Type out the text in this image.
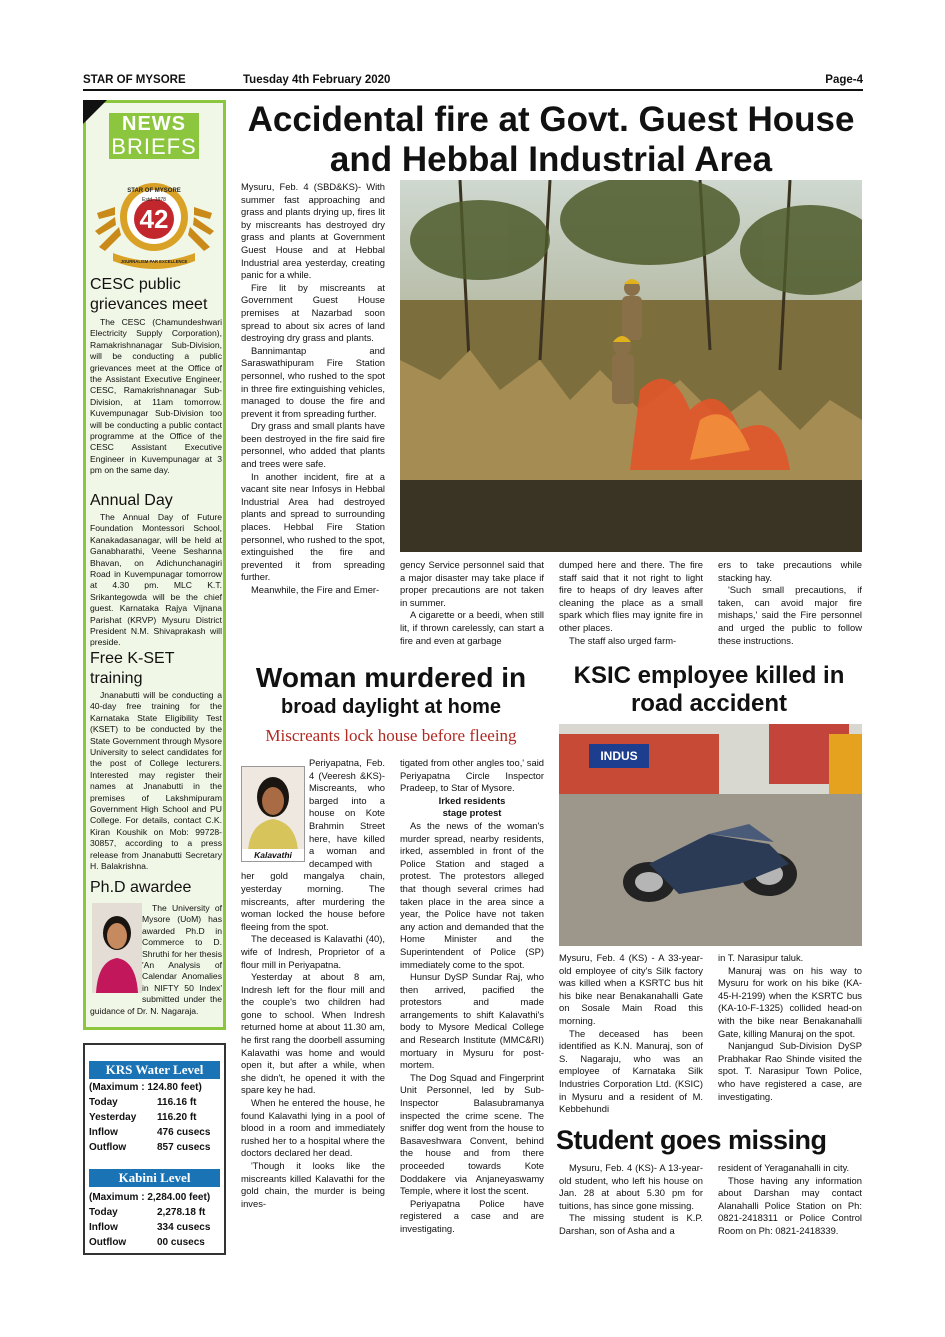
STAR OF MYSORE	Tuesday 4th February 2020	Page-4
NEWS
BRIEFS
42
STAR OF MYSORE
Estd. 1978
JOURNALISM PAR EXCELLENCE
CESC public grievances meet
The CESC (Chamundeshwari Electricity Supply Corporation), Ramakrishnanagar Sub-Division, will be conducting a public grievances meet at the Office of the Assistant Executive Engineer, CESC, Ramakrishnanagar Sub-Division, at 11am tomorrow. Kuvempunagar Sub-Division too will be conducting a public contact programme at the Office of the CESC Assistant Executive Engineer in Kuvempunagar at 3 pm on the same day.
Annual Day
The Annual Day of Future Foundation Montessori School, Kanakadasanagar, will be held at Ganabharathi, Veene Seshanna Bhavan, on Adichunchanagiri Road in Kuvempunagar tomorrow at 4.30 pm. MLC K.T. Srikantegowda will be the chief guest. Karnataka Rajya Vijnana Parishat (KRVP) Mysuru District President N.M. Shivaprakash will preside.
Free K-SET training
Jnanabutti will be conducting a 40-day free training for the Karnataka State Eligibility Test (KSET) to be conducted by the State Government through Mysore University to select candidates for the post of College lecturers. Interested may register their names at Jnanabutti in the premises of Lakshmipuram Government High School and PU College. For details, contact C.K. Kiran Koushik on Mob: 99728-30857, according to a press release from Jnanabutti Secretary H. Balakrishna.
Ph.D awardee
The University of Mysore (UoM) has awarded Ph.D in Commerce to D. Shruthi for her thesis 'An Analysis of Calendar Anomalies in NIFTY 50 Index' submitted under the guidance of Dr. N. Nagaraja.
KRS Water Level
(Maximum : 124.80 feet)
Today	116.16 ft
Yesterday 116.20 ft
Inflow	476 cusecs
Outflow	857 cusecs
Kabini Level
(Maximum : 2,284.00 feet)
Today	2,278.18 ft
Inflow	334 cusecs
Outflow	00 cusecs
Accidental fire at Govt. Guest House
and Hebbal Industrial Area

Mysuru, Feb. 4 (SBD&KS)- With summer fast approaching and grass and plants drying up, fires lit by miscreants has destroyed dry grass and plants at Government Guest House and at Hebbal Industrial area yesterday, creating panic for a while.

Fire lit by miscreants at Government Guest House premises at Nazarbad soon spread to about six acres of land destroying dry grass and plants.

Bannimantap and Saraswathipuram Fire Station personnel, who rushed to the spot in three fire extinguishing vehicles, managed to douse the fire and prevent it from spreading further.

Dry grass and small plants have been destroyed in the fire said fire personnel, who added that plants and trees were safe.

In another incident, fire at a vacant site near Infosys in Hebbal Industrial Area had destroyed plants and spread to surrounding places. Hebbal Fire Station personnel, who rushed to the spot, extinguished the fire and prevented it from spreading further.

Meanwhile, the Fire and Emer-

gency Service personnel said that a major disaster may take place if proper precautions are not taken in summer.

A cigarette or a beedi, when still lit, if thrown carelessly, can start a fire and even at garbage

dumped here and there. The fire staff said that it not right to light fire to heaps of dry leaves after cleaning the place as a small spark which flies may ignite fire in other places.

The staff also urged farm-

ers to take precautions while stacking hay.

'Such small precautions, if taken, can avoid major fire mishaps,' said the Fire personnel and urged the public to follow these instructions.

Woman murdered in
broad daylight at home
Miscreants lock house before fleeing
Kalavathi

Periyapatna, Feb. 4 (Veeresh &KS)- Miscreants, who barged into a house on Kote Brahmin Street here, have killed a woman and decamped with

her gold mangalya chain, yesterday morning. The miscreants, after murdering the woman locked the house before fleeing from the spot.

The deceased is Kalavathi (40), wife of Indresh, Proprietor of a flour mill in Periyapatna.

Yesterday at about 8 am, Indresh left for the flour mill and the couple's two children had gone to school. When Indresh returned home at about 11.30 am, he first rang the doorbell assuming Kalavathi was home and would open it, but after a while, when she didn't, he opened it with the spare key he had.

When he entered the house, he found Kalavathi lying in a pool of blood in a room and immediately rushed her to a hospital where the doctors declared her dead.

'Though it looks like the miscreants killed Kalavathi for the gold chain, the murder is being inves-

tigated from other angles too,' said Periyapatna Circle Inspector Pradeep, to Star of Mysore.

Irked residents

stage protest

As the news of the woman's murder spread, nearby residents, irked, assembled in front of the Police Station and staged a protest. The protestors alleged that though several crimes had taken place in the area since a year, the Police have not taken any action and demanded that the Home Minister and the Superintendent of Police (SP) immediately come to the spot.

Hunsur DySP Sundar Raj, who then arrived, pacified the protestors and made arrangements to shift Kalavathi's body to Mysore Medical College and Research Institute (MMC&RI) mortuary in Mysuru for post-mortem.

The Dog Squad and Fingerprint Unit Personnel, led by Sub-Inspector Balasubramanya inspected the crime scene. The sniffer dog went from the house to Basaveshwara Convent, behind the house and from there proceeded towards Kote Doddakere via Anjaneyaswamy Temple, where it lost the scent.

Periyapatna Police have registered a case and are investigating.

KSIC employee killed in
road accident
INDUS

Mysuru, Feb. 4 (KS) - A 33-year-old employee of city's Silk factory was killed when a KSRTC bus hit his bike near Benakanahalli Gate on Sosale Main Road this morning.

The deceased has been identified as K.N. Manuraj, son of S. Nagaraju, who was an employee of Karnataka Silk Industries Corporation Ltd. (KSIC) in Mysuru and a resident of M. Kebbehundi

in T. Narasipur taluk.

Manuraj was on his way to Mysuru for work on his bike (KA-45-H-2199) when the KSRTC bus (KA-10-F-1325) collided head-on with the bike near Benakanahalli Gate, killing Manuraj on the spot.

Nanjangud Sub-Division DySP Prabhakar Rao Shinde visited the spot. T. Narasipur Town Police, who have registered a case, are investigating.

Student goes missing

Mysuru, Feb. 4 (KS)- A 13-year-old student, who left his house on Jan. 28 at about 5.30 pm for tuitions, has since gone missing.

The missing student is K.P. Darshan, son of Asha and a

resident of Yeraganahalli in city.

Those having any information about Darshan may contact Alanahalli Police Station on Ph: 0821-2418311 or Police Control Room on Ph: 0821-2418339.
